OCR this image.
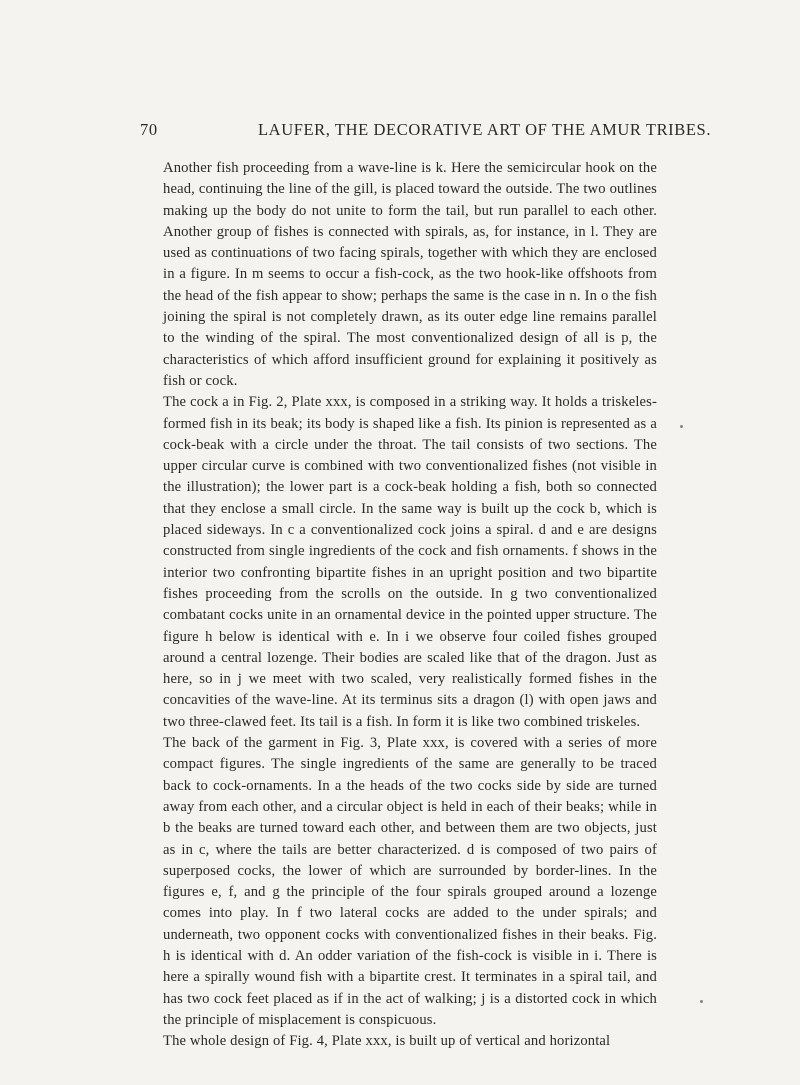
70	LAUFER, THE DECORATIVE ART OF THE AMUR TRIBES.

Another fish proceeding from a wave-line is k. Here the semicircular hook on the head, continuing the line of the gill, is placed toward the outside. The two outlines making up the body do not unite to form the tail, but run parallel to each other. Another group of fishes is connected with spirals, as, for instance, in l. They are used as continuations of two facing spirals, together with which they are enclosed in a figure. In m seems to occur a fish-cock, as the two hook-like offshoots from the head of the fish appear to show; perhaps the same is the case in n. In o the fish joining the spiral is not completely drawn, as its outer edge line remains parallel to the winding of the spiral. The most conventionalized design of all is p, the characteristics of which afford insufficient ground for explaining it positively as fish or cock.

The cock a in Fig. 2, Plate xxx, is composed in a striking way. It holds a triskeles-formed fish in its beak; its body is shaped like a fish. Its pinion is represented as a cock-beak with a circle under the throat. The tail consists of two sections. The upper circular curve is combined with two conventionalized fishes (not visible in the illustration); the lower part is a cock-beak holding a fish, both so connected that they enclose a small circle. In the same way is built up the cock b, which is placed sideways. In c a conventionalized cock joins a spiral. d and e are designs constructed from single ingredients of the cock and fish ornaments. f shows in the interior two confronting bipartite fishes in an upright position and two bipartite fishes proceeding from the scrolls on the outside. In g two conventionalized combatant cocks unite in an ornamental device in the pointed upper structure. The figure h below is identical with e. In i we observe four coiled fishes grouped around a central lozenge. Their bodies are scaled like that of the dragon. Just as here, so in j we meet with two scaled, very realistically formed fishes in the concavities of the wave-line. At its terminus sits a dragon (l) with open jaws and two three-clawed feet. Its tail is a fish. In form it is like two combined triskeles.

The back of the garment in Fig. 3, Plate xxx, is covered with a series of more compact figures. The single ingredients of the same are generally to be traced back to cock-ornaments. In a the heads of the two cocks side by side are turned away from each other, and a circular object is held in each of their beaks; while in b the beaks are turned toward each other, and between them are two objects, just as in c, where the tails are better characterized. d is composed of two pairs of superposed cocks, the lower of which are surrounded by border-lines. In the figures e, f, and g the principle of the four spirals grouped around a lozenge comes into play. In f two lateral cocks are added to the under spirals; and underneath, two opponent cocks with conventionalized fishes in their beaks. Fig. h is identical with d. An odder variation of the fish-cock is visible in i. There is here a spirally wound fish with a bipartite crest. It terminates in a spiral tail, and has two cock feet placed as if in the act of walking; j is a distorted cock in which the principle of misplacement is conspicuous.

The whole design of Fig. 4, Plate xxx, is built up of vertical and horizontal
